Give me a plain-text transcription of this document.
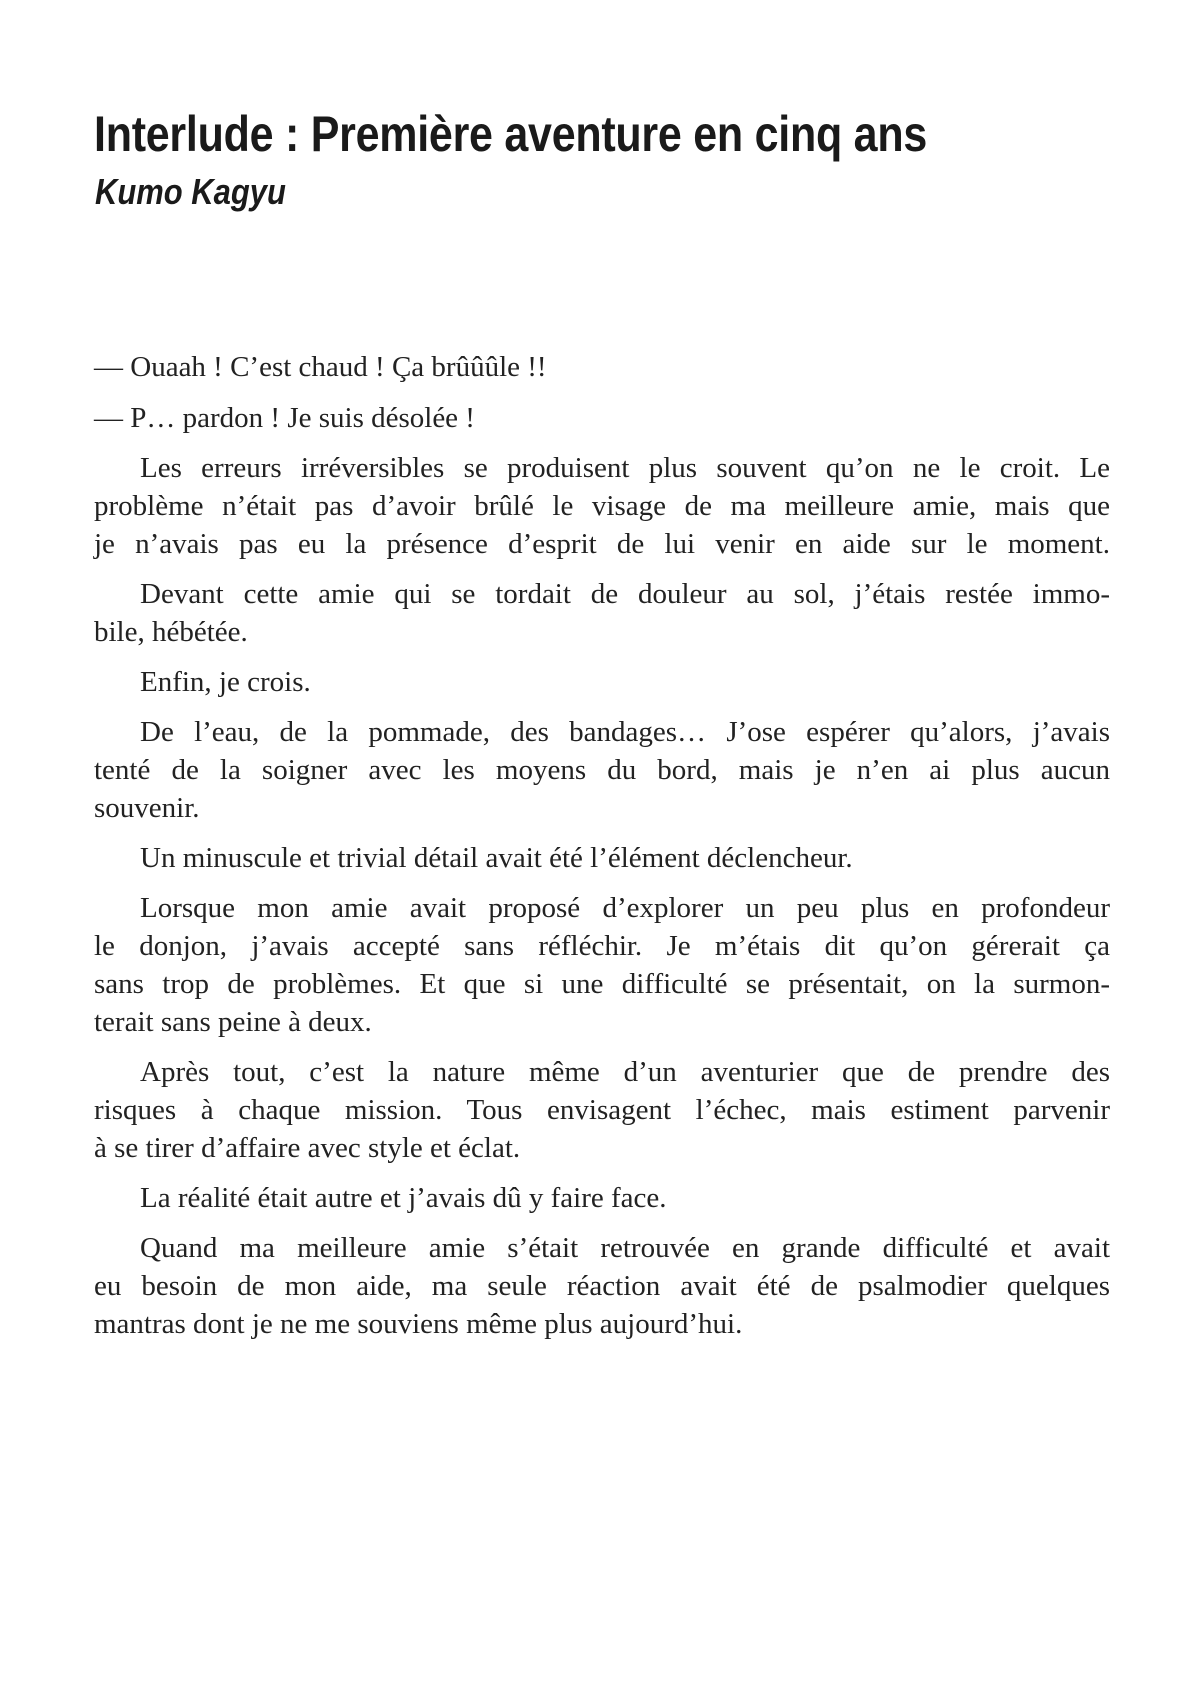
Interlude : Première aventure en cinq ans
Kumo Kagyu
— Ouaah ! C’est chaud ! Ça brûûûle !!
— P… pardon ! Je suis désolée !
Les erreurs irréversibles se produisent plus souvent qu’on ne le croit. Le
problème n’était pas d’avoir brûlé le visage de ma meilleure amie, mais que
je n’avais pas eu la présence d’esprit de lui venir en aide sur le moment.
Devant cette amie qui se tordait de douleur au sol, j’étais restée immo-
bile, hébétée.
Enfin, je crois.
De l’eau, de la pommade, des bandages… J’ose espérer qu’alors, j’avais
tenté de la soigner avec les moyens du bord, mais je n’en ai plus aucun
souvenir.
Un minuscule et trivial détail avait été l’élément déclencheur.
Lorsque mon amie avait proposé d’explorer un peu plus en profondeur
le donjon, j’avais accepté sans réfléchir. Je m’étais dit qu’on gérerait ça
sans trop de problèmes. Et que si une difficulté se présentait, on la surmon-
terait sans peine à deux.
Après tout, c’est la nature même d’un aventurier que de prendre des
risques à chaque mission. Tous envisagent l’échec, mais estiment parvenir
à se tirer d’affaire avec style et éclat.
La réalité était autre et j’avais dû y faire face.
Quand ma meilleure amie s’était retrouvée en grande difficulté et avait
eu besoin de mon aide, ma seule réaction avait été de psalmodier quelques
mantras dont je ne me souviens même plus aujourd’hui.
